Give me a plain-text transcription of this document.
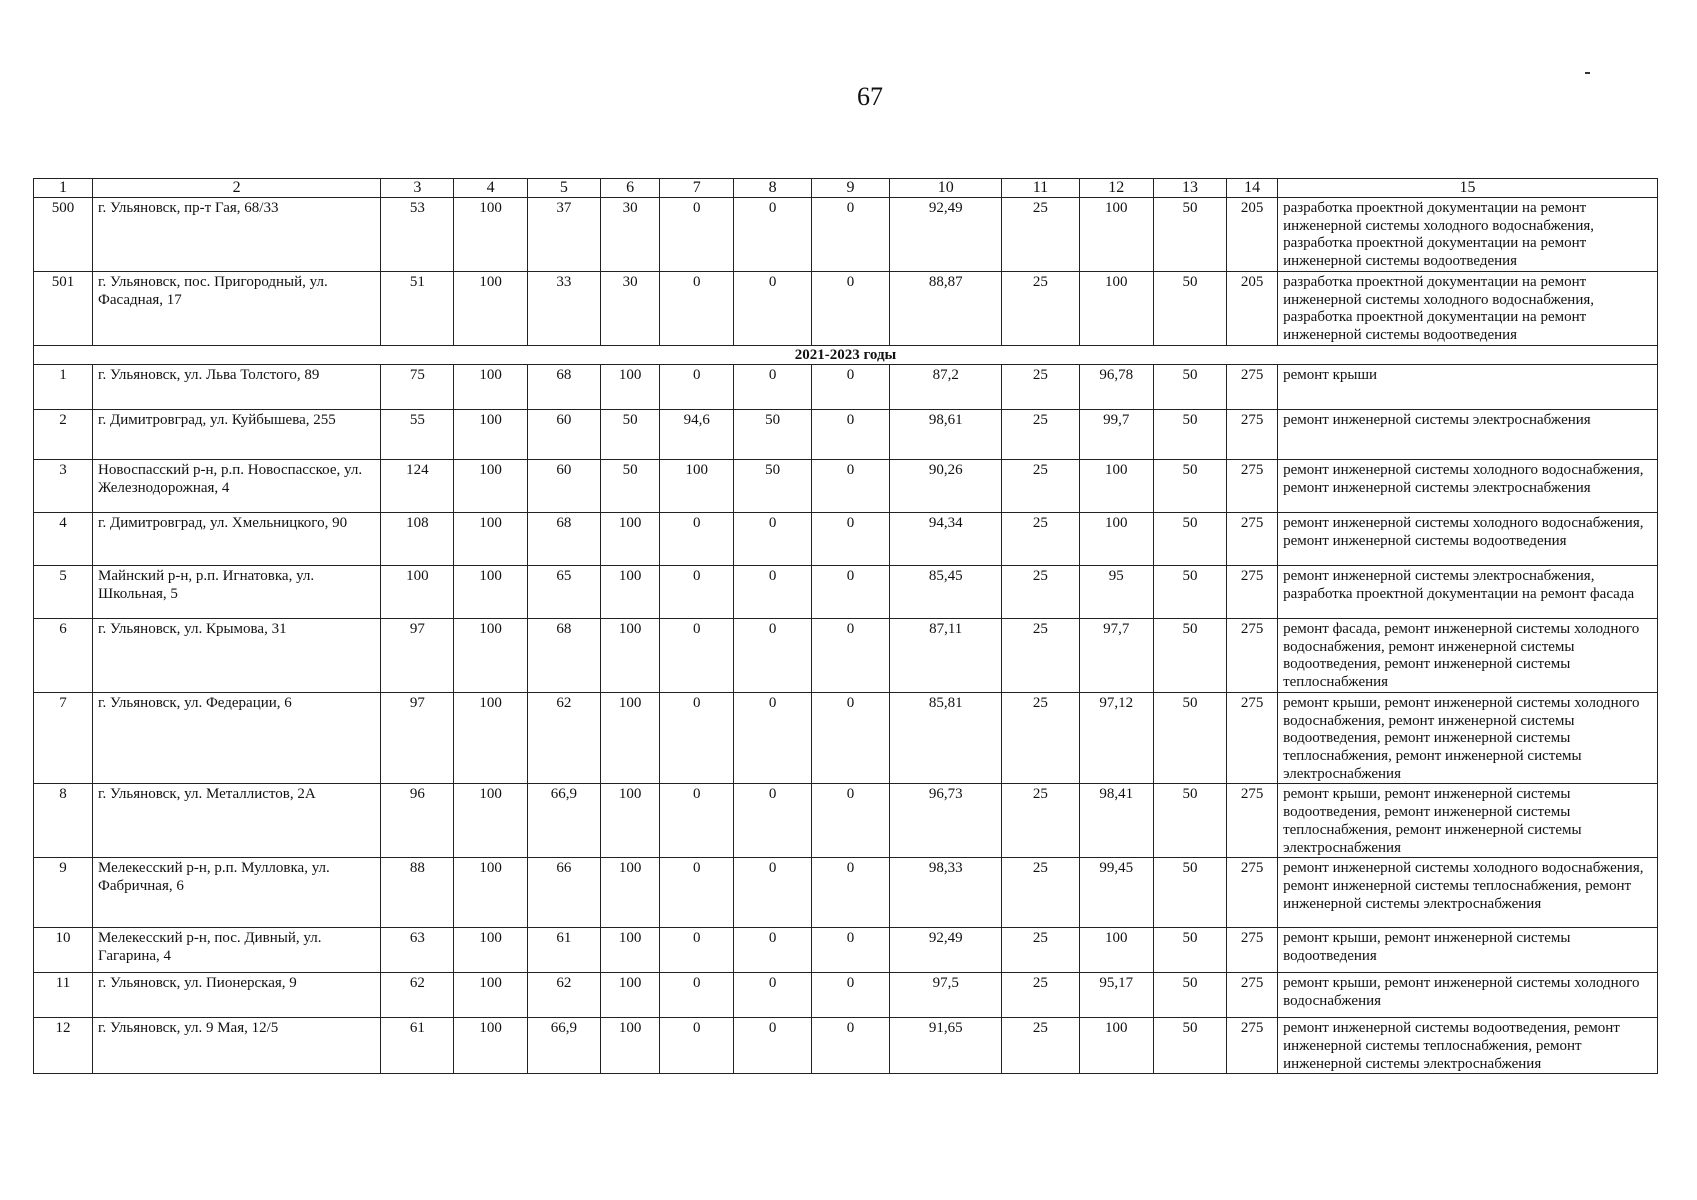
67
1	2	3	4	5	6	7	8	9	10	11	12	13	14	15
500	г. Ульяновск, пр-т Гая, 68/33	53	100	37	30	0	0	0	92,49	25	100	50	205	разработка проектной документации на ремонт инженерной системы холодного водоснабжения, разработка проектной документации на ремонт инженерной системы водоотведения
501	г. Ульяновск, пос. Пригородный, ул. Фасадная, 17	51	100	33	30	0	0	0	88,87	25	100	50	205	разработка проектной документации на ремонт инженерной системы холодного водоснабжения, разработка проектной документации на ремонт инженерной системы водоотведения
2021-2023 годы														
1	г. Ульяновск, ул. Льва Толстого, 89	75	100	68	100	0	0	0	87,2	25	96,78	50	275	ремонт крыши
2	г. Димитровград, ул. Куйбышева, 255	55	100	60	50	94,6	50	0	98,61	25	99,7	50	275	ремонт инженерной системы электроснабжения
3	Новоспасский р-н, р.п. Новоспасское, ул. Железнодорожная, 4	124	100	60	50	100	50	0	90,26	25	100	50	275	ремонт инженерной системы холодного водоснабжения, ремонт инженерной системы электроснабжения
4	г. Димитровград, ул. Хмельницкого, 90	108	100	68	100	0	0	0	94,34	25	100	50	275	ремонт инженерной системы холодного водоснабжения, ремонт инженерной системы водоотведения
5	Майнский р-н, р.п. Игнатовка, ул. Школьная, 5	100	100	65	100	0	0	0	85,45	25	95	50	275	ремонт инженерной системы электроснабжения, разработка проектной документации на ремонт фасада
6	г. Ульяновск, ул. Крымова, 31	97	100	68	100	0	0	0	87,11	25	97,7	50	275	ремонт фасада, ремонт инженерной системы холодного водоснабжения, ремонт инженерной системы водоотведения, ремонт инженерной системы теплоснабжения
7	г. Ульяновск, ул. Федерации, 6	97	100	62	100	0	0	0	85,81	25	97,12	50	275	ремонт крыши, ремонт инженерной системы холодного водоснабжения, ремонт инженерной системы водоотведения, ремонт инженерной системы теплоснабжения, ремонт инженерной системы электроснабжения
8	г. Ульяновск, ул. Металлистов, 2А	96	100	66,9	100	0	0	0	96,73	25	98,41	50	275	ремонт крыши, ремонт инженерной системы водоотведения, ремонт инженерной системы теплоснабжения, ремонт инженерной системы электроснабжения
9	Мелекесский р-н, р.п. Мулловка, ул. Фабричная, 6	88	100	66	100	0	0	0	98,33	25	99,45	50	275	ремонт инженерной системы холодного водоснабжения, ремонт инженерной системы теплоснабжения, ремонт инженерной системы электроснабжения
10	Мелекесский р-н, пос. Дивный, ул. Гагарина, 4	63	100	61	100	0	0	0	92,49	25	100	50	275	ремонт крыши, ремонт инженерной системы водоотведения
11	г. Ульяновск, ул. Пионерская, 9	62	100	62	100	0	0	0	97,5	25	95,17	50	275	ремонт крыши, ремонт инженерной системы холодного водоснабжения
12	г. Ульяновск, ул. 9 Мая, 12/5	61	100	66,9	100	0	0	0	91,65	25	100	50	275	ремонт инженерной системы водоотведения, ремонт инженерной системы теплоснабжения, ремонт инженерной системы электроснабжения
